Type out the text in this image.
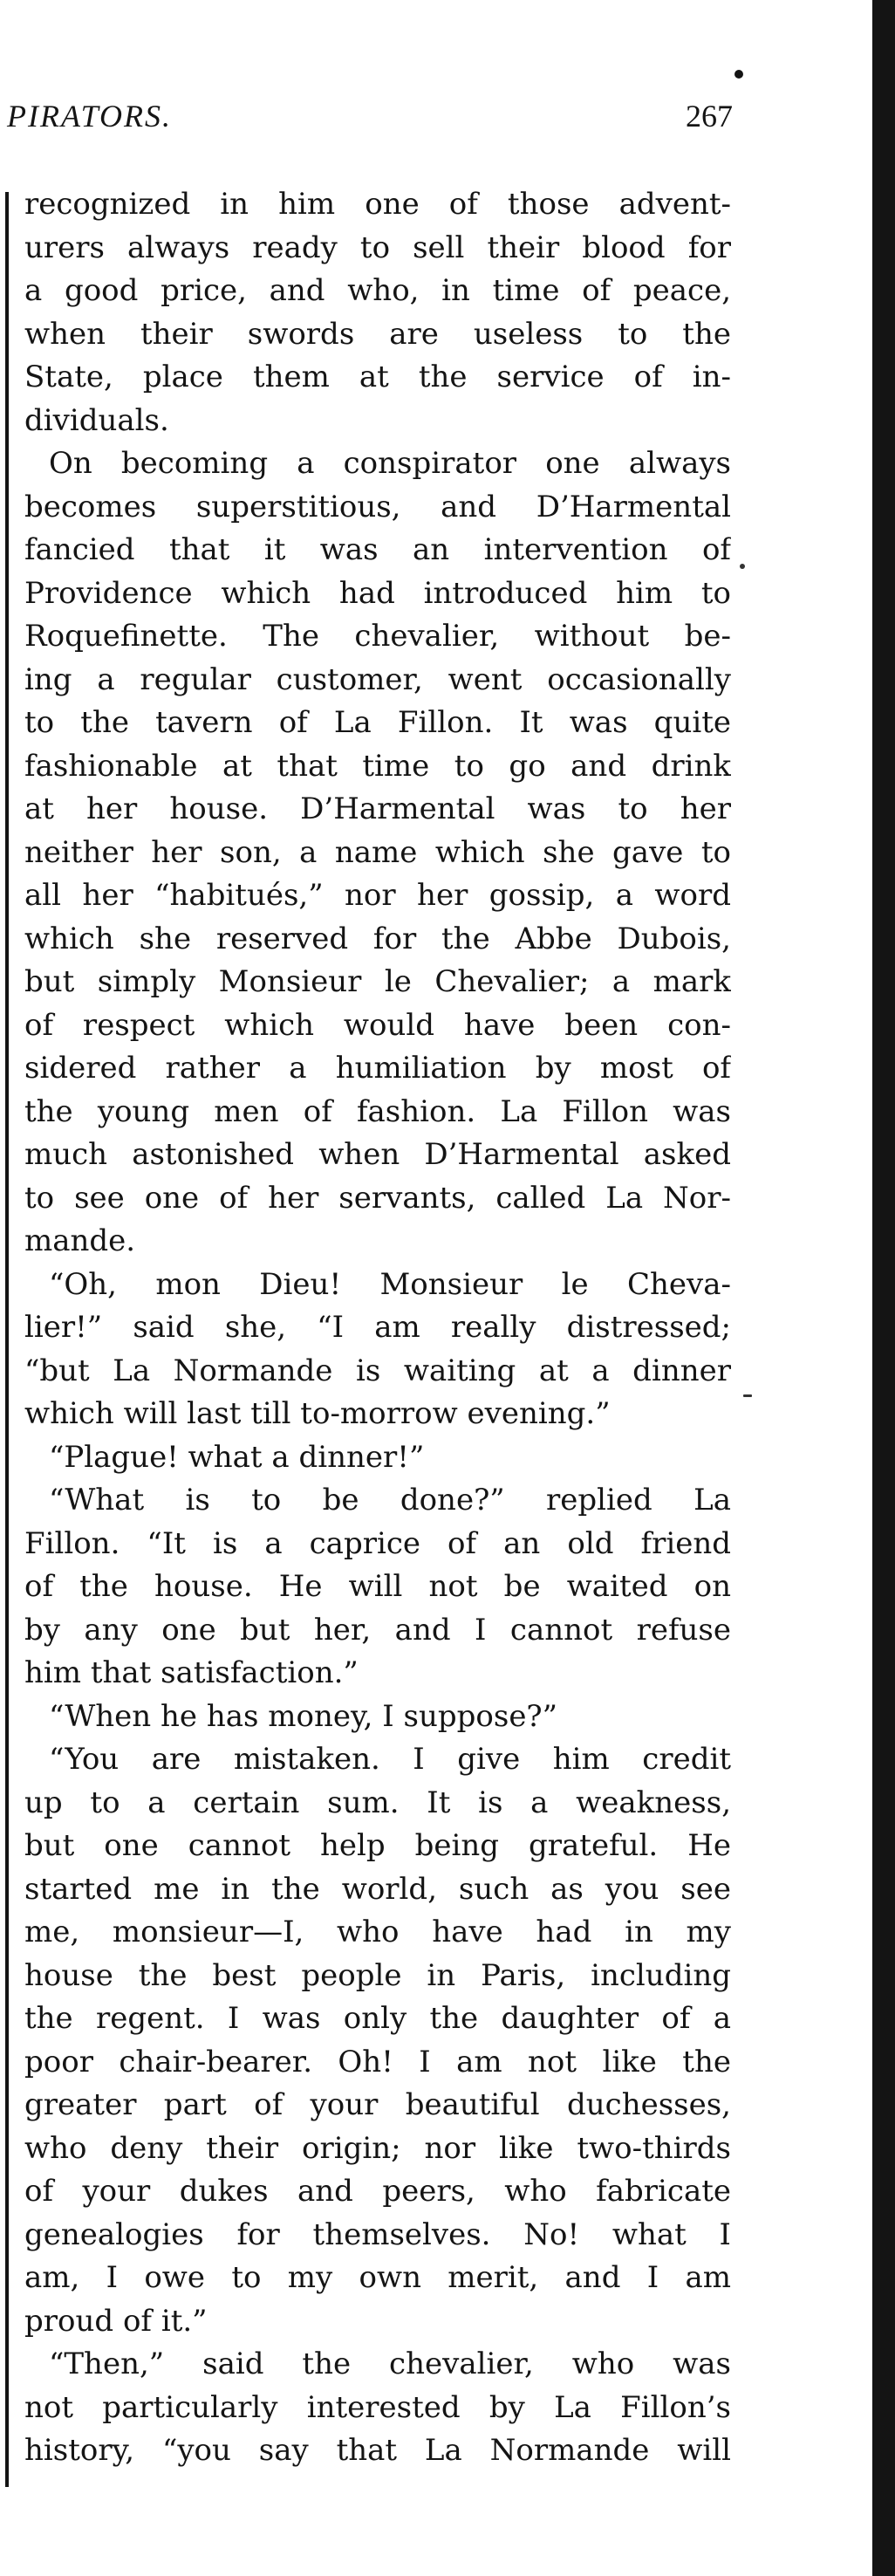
PIRATORS.	267
recognized in him one of those advent-
urers always ready to sell their blood for
a good price, and who, in time of peace,
when their swords are useless to the
State, place them at the service of in-
dividuals.
On becoming a conspirator one always
becomes superstitious, and D’Harmental
fancied that it was an intervention of
Providence which had introduced him to
Roquefinette. The chevalier, without be-
ing a regular customer, went occasionally
to the tavern of La Fillon. It was quite
fashionable at that time to go and drink
at her house. D’Harmental was to her
neither her son, a name which she gave to
all her “habitués,” nor her gossip, a word
which she reserved for the Abbe Dubois,
but simply Monsieur le Chevalier; a mark
of respect which would have been con-
sidered rather a humiliation by most of
the young men of fashion. La Fillon was
much astonished when D’Harmental asked
to see one of her servants, called La Nor-
mande.
“Oh, mon Dieu! Monsieur le Cheva-
lier!” said she, “I am really distressed;
“but La Normande is waiting at a dinner
which will last till to-morrow evening.”
“Plague! what a dinner!”
“What is to be done?” replied La
Fillon. “It is a caprice of an old friend
of the house. He will not be waited on
by any one but her, and I cannot refuse
him that satisfaction.”
“When he has money, I suppose?”
“You are mistaken. I give him credit
up to a certain sum. It is a weakness,
but one cannot help being grateful. He
started me in the world, such as you see
me, monsieur—I, who have had in my
house the best people in Paris, including
the regent. I was only the daughter of a
poor chair-bearer. Oh! I am not like the
greater part of your beautiful duchesses,
who deny their origin; nor like two-thirds
of your dukes and peers, who fabricate
genealogies for themselves. No! what I
am, I owe to my own merit, and I am
proud of it.”
“Then,” said the chevalier, who was
not particularly interested by La Fillon’s
history, “you say that La Normande will
